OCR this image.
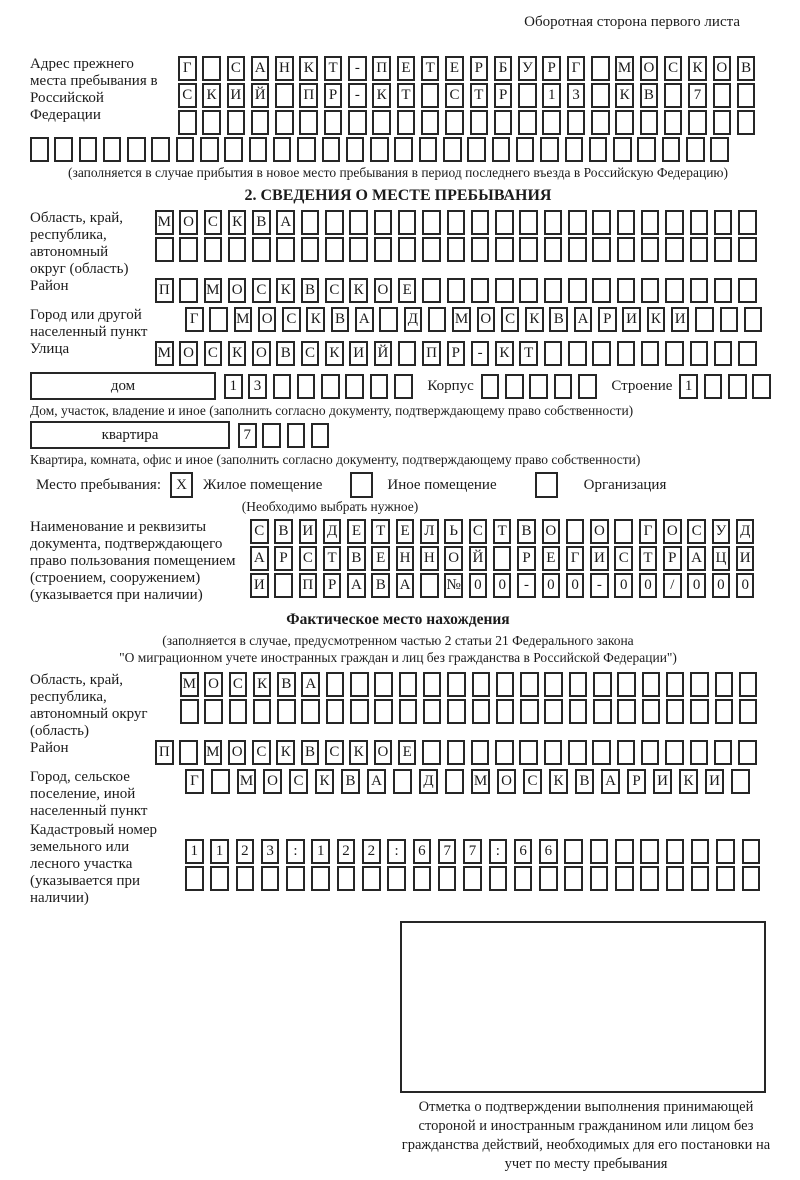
Оборотная сторона первого листа
Адрес прежнего места пребывания в Российской Федерации
Г	С А Н К Т	-	П Е	Т	Е	Р	Б У Р	Г	М О С К О В
С К И Й	П Р	-	К Т	С Т	Р	1	3	К В	7
(заполняется в случае прибытия в новое место пребывания в период последнего въезда в Российскую Федерацию)
2. СВЕДЕНИЯ О МЕСТЕ ПРЕБЫВАНИЯ
Область, край, республика, автономный округ (область)
М О С К В А
Район	П М О С К В С К О Е
Город или другой населенный пункт
Г	М О С К В А	Д М О С К В А Р И К И
Улица	М О С К О В С К И Й	П Р	-	К Т
дом	1	3	Корпус	Строение 1
Дом, участок, владение и иное (заполнить согласно документу, подтверждающему право собственности)
квартира	7
Квартира, комната, офис и иное (заполнить согласно документу, подтверждающему право собственности)
Место пребывания:	X	Жилое помещение	Иное помещение	Организация
(Необходимо выбрать нужное)
Наименование и реквизиты документа, подтверждающего право пользования помещением (строением, сооружением) (указывается при наличии)
С В И Д Е	Т	Е Л Ь С Т В О	О	Г О С У Д
А Р	С Т В Е Н Н О Й	Р	Е	Г И С Т	Р А Ц И
И	П Р А В А № 0	0	-	0	0	-	0	0	/	0	0	0
Фактическое место нахождения
(заполняется в случае, предусмотренном частью 2 статьи 21 Федерального закона
"О миграционном учете иностранных граждан и лиц без гражданства в Российской Федерации")
Область, край, республика, автономный округ (область)
М О С К В А
Район	П М О С К В С К О Е
Город, сельское поселение, иной населенный пункт
Г	М О С	К	В	А	Д	М О С	К	В	А	Р	И К	И
Кадастровый номер земельного или лесного участка (указывается при наличии)
1	1	2	3	:	1	2	2	:	6	7	7	:	6	6
Отметка о подтверждении выполнения принимающей стороной и иностранным гражданином или лицом без гражданства действий, необходимых для его постановки на учет по месту пребывания
